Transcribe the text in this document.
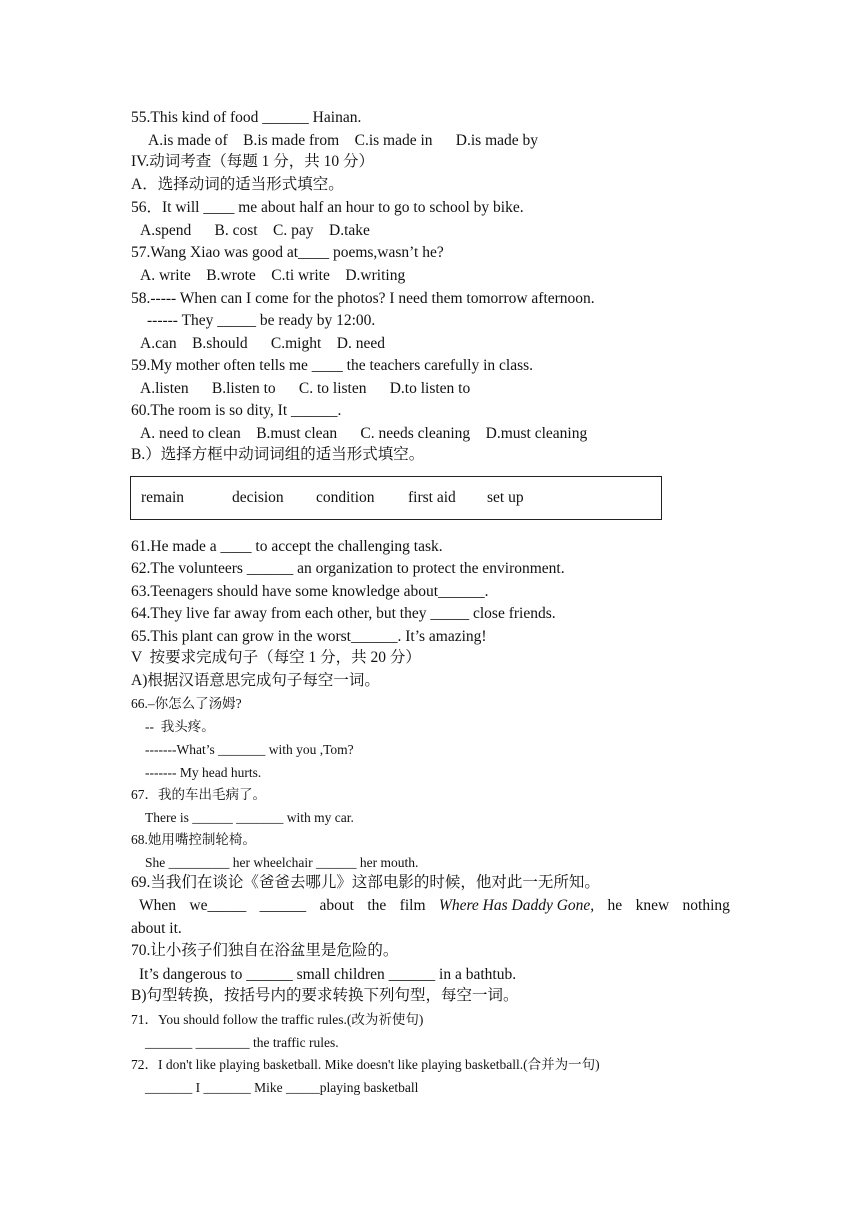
55.This kind of food ______ Hainan.
A.is made of    B.is made from    C.is made in      D.is made by
IV.动词考查（每题 1 分，共 10 分）
A．选择动词的适当形式填空。
56．It will ____ me about half an hour to go to school by bike.
A.spend      B. cost    C. pay    D.take
57.Wang Xiao was good at____ poems,wasn’t he?
A. write    B.wrote    C.ti write    D.writing
58.----- When can I come for the photos? I need them tomorrow afternoon.
------ They _____ be ready by 12:00.
A.can    B.should      C.might    D. need
59.My mother often tells me ____ the teachers carefully in class.
A.listen      B.listen to      C. to listen      D.to listen to
60.The room is so dity, It ______.
A. need to clean    B.must clean      C. needs cleaning    D.must cleaning
B.）选择方框中动词词组的适当形式填空。
remain	decision condition first aid set up
61.He made a ____ to accept the challenging task.
62.The volunteers ______ an organization to protect the environment.
63.Teenagers should have some knowledge about______.
64.They live far away from each other, but they _____ close friends.
65.This plant can grow in the worst______. It’s amazing!
V  按要求完成句子（每空 1 分，共 20 分）
A)根据汉语意思完成句子每空一词。
66.–你怎么了汤姆?
--  我头疼。
-------What’s _______ with you ,Tom?
------- My head hurts.
67．我的车出毛病了。
There is ______ _______ with my car.
68.她用嘴控制轮椅。
She _________ her wheelchair ______ her mouth.
69.当我们在谈论《爸爸去哪儿》这部电影的时候，他对此一无所知。
When we_____ ______ about the film Where Has Daddy Gone, he knew nothing
about it.
70.让小孩子们独自在浴盆里是危险的。
It’s dangerous to ______ small children ______ in a bathtub.
B)句型转换，按括号内的要求转换下列句型，每空一词。
71．You should follow the traffic rules.(改为祈使句)
_______ ________ the traffic rules.
72．I don't like playing basketball. Mike doesn't like playing basketball.(合并为一句)
_______ I _______ Mike _____playing basketball
